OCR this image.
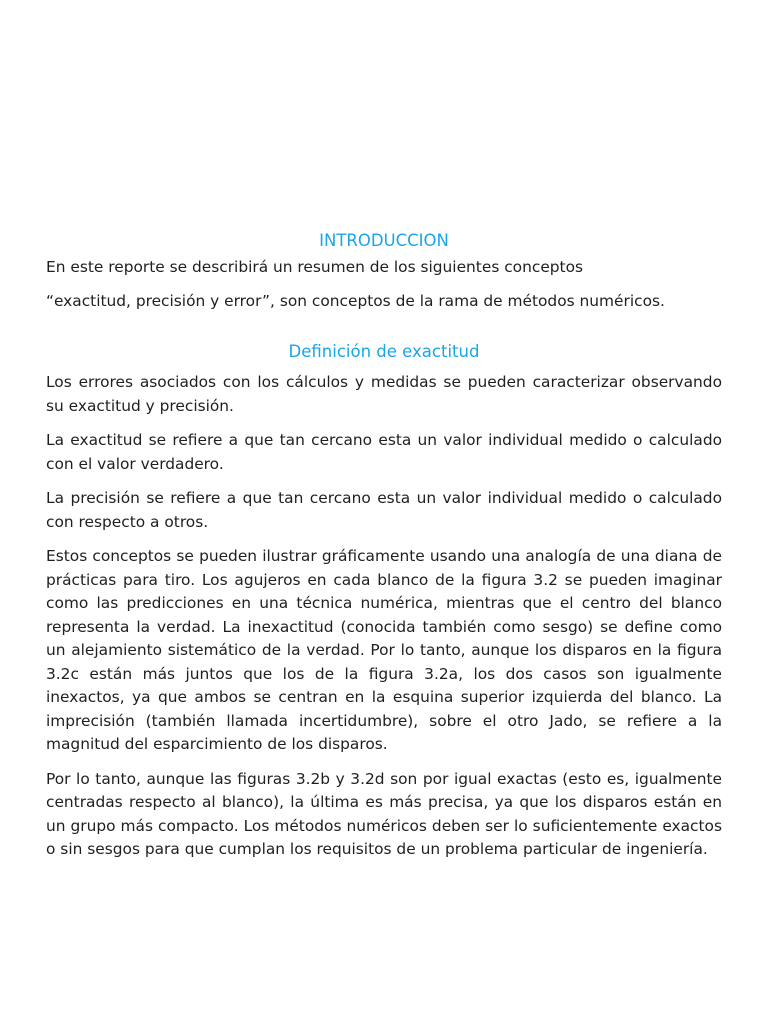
INTRODUCCION

En este reporte se describirá un resumen de los siguientes conceptos

“exactitud, precisión y error”, son conceptos de la rama de métodos numéricos.

Definición de exactitud

Los errores asociados con los cálculos y medidas se pueden caracterizar observando su exactitud y precisión.

La exactitud se refiere a que tan cercano esta un valor individual medido o calculado con el valor verdadero.

La precisión se refiere a que tan cercano esta un valor individual medido o calculado con respecto a otros.

Estos conceptos se pueden ilustrar gráficamente usando una analogía de una diana de prácticas para tiro. Los agujeros en cada blanco de la figura 3.2 se pueden imaginar como las predicciones en una técnica numérica, mientras que el centro del blanco representa la verdad. La inexactitud (conocida también como sesgo) se define como un alejamiento sistemático de la verdad. Por lo tanto, aunque los disparos en la figura 3.2c están más juntos que los de la figura 3.2a, los dos casos son igualmente inexactos, ya que ambos se centran en la esquina superior izquierda del blanco. La imprecisión (también llamada incertidumbre), sobre el otro Jado, se refiere a la magnitud del esparcimiento de los disparos.

Por lo tanto, aunque las figuras 3.2b y 3.2d son por igual exactas (esto es, igualmente centradas respecto al blanco), la última es más precisa, ya que los disparos están en un grupo más compacto. Los métodos numéricos deben ser lo suficientemente exactos o sin sesgos para que cumplan los requisitos de un problema particular de ingeniería.
